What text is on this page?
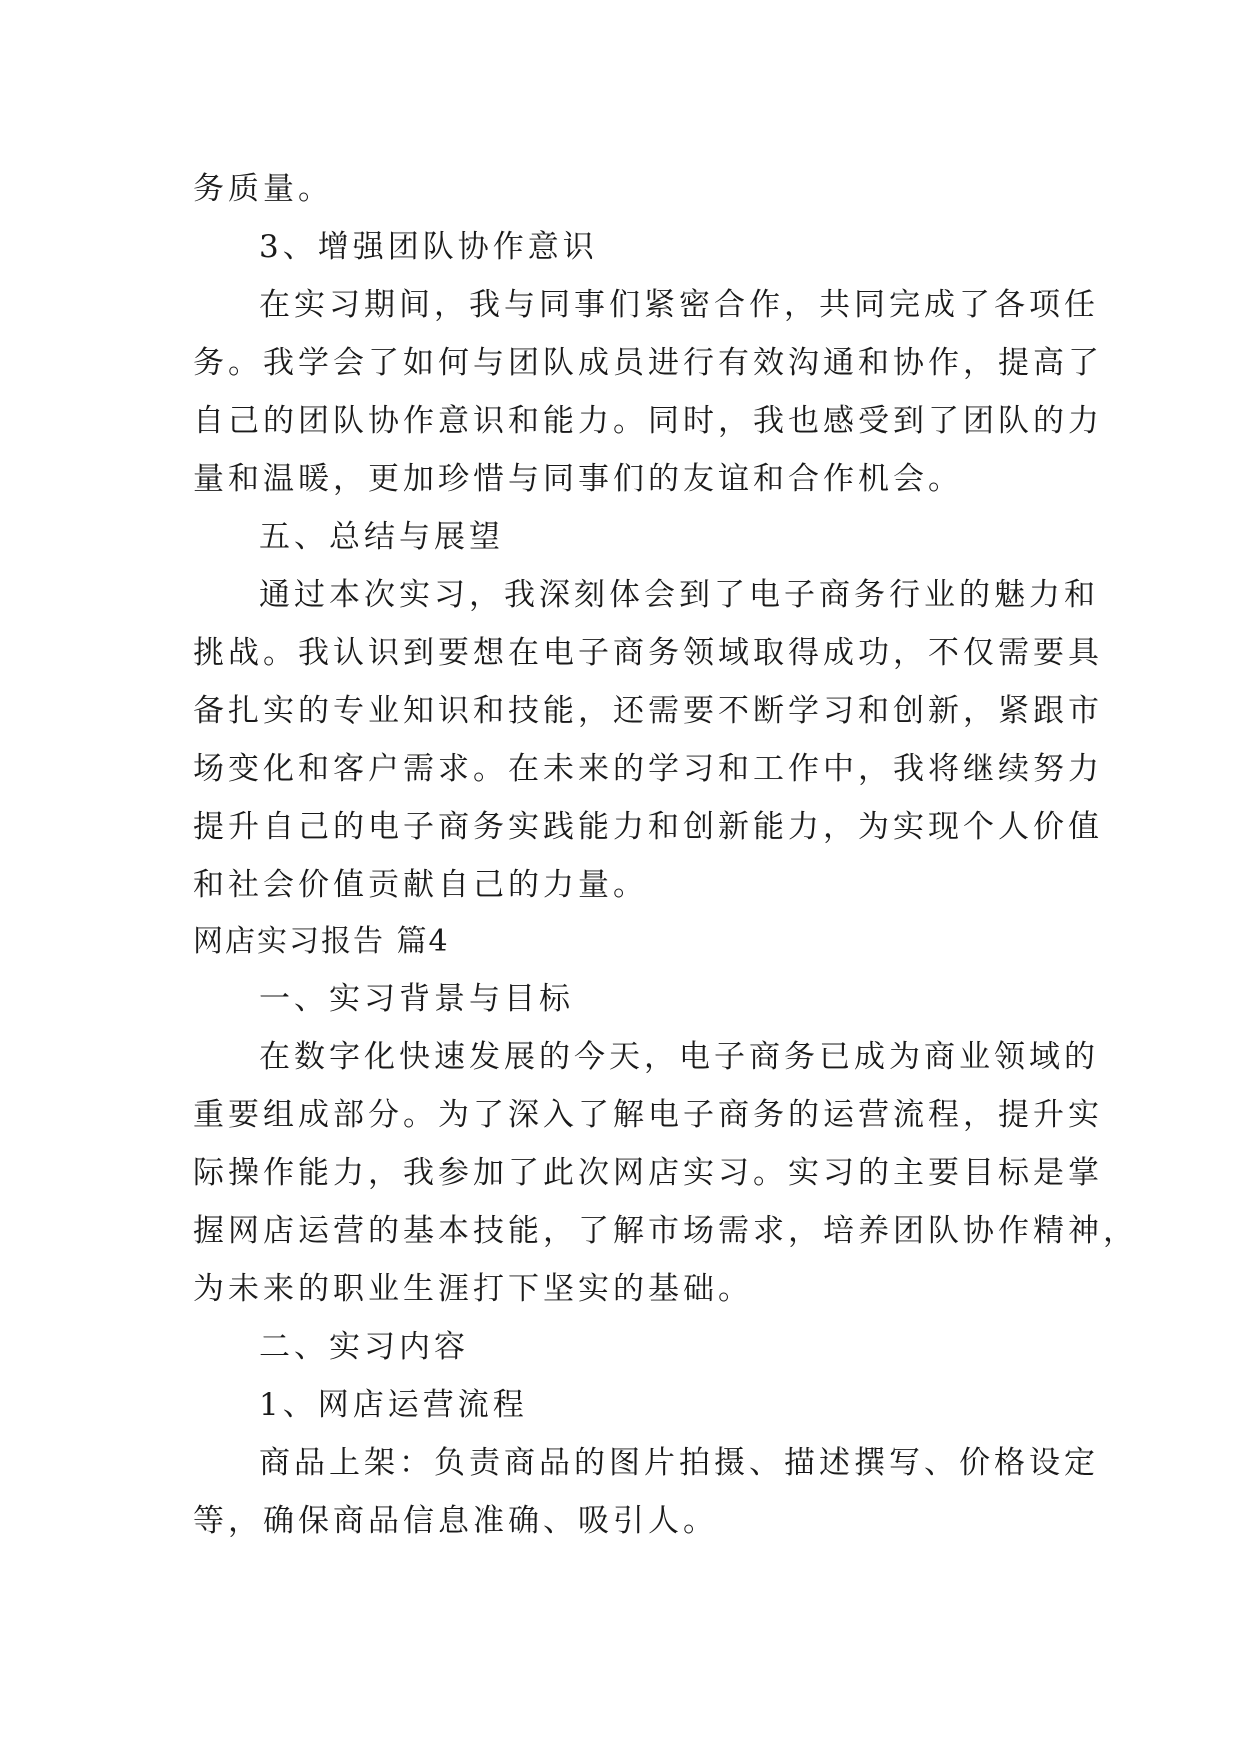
务质量。

3、增强团队协作意识

在实习期间，我与同事们紧密合作，共同完成了各项任

务。我学会了如何与团队成员进行有效沟通和协作，提高了

自己的团队协作意识和能力。同时，我也感受到了团队的力

量和温暖，更加珍惜与同事们的友谊和合作机会。

五、总结与展望

通过本次实习，我深刻体会到了电子商务行业的魅力和

挑战。我认识到要想在电子商务领域取得成功，不仅需要具

备扎实的专业知识和技能，还需要不断学习和创新，紧跟市

场变化和客户需求。在未来的学习和工作中，我将继续努力

提升自己的电子商务实践能力和创新能力，为实现个人价值

和社会价值贡献自己的力量。

网店实习报告 篇4

一、实习背景与目标

在数字化快速发展的今天，电子商务已成为商业领域的

重要组成部分。为了深入了解电子商务的运营流程，提升实

际操作能力，我参加了此次网店实习。实习的主要目标是掌

握网店运营的基本技能，了解市场需求，培养团队协作精神，

为未来的职业生涯打下坚实的基础。

二、实习内容

1、网店运营流程

商品上架：负责商品的图片拍摄、描述撰写、价格设定

等，确保商品信息准确、吸引人。
